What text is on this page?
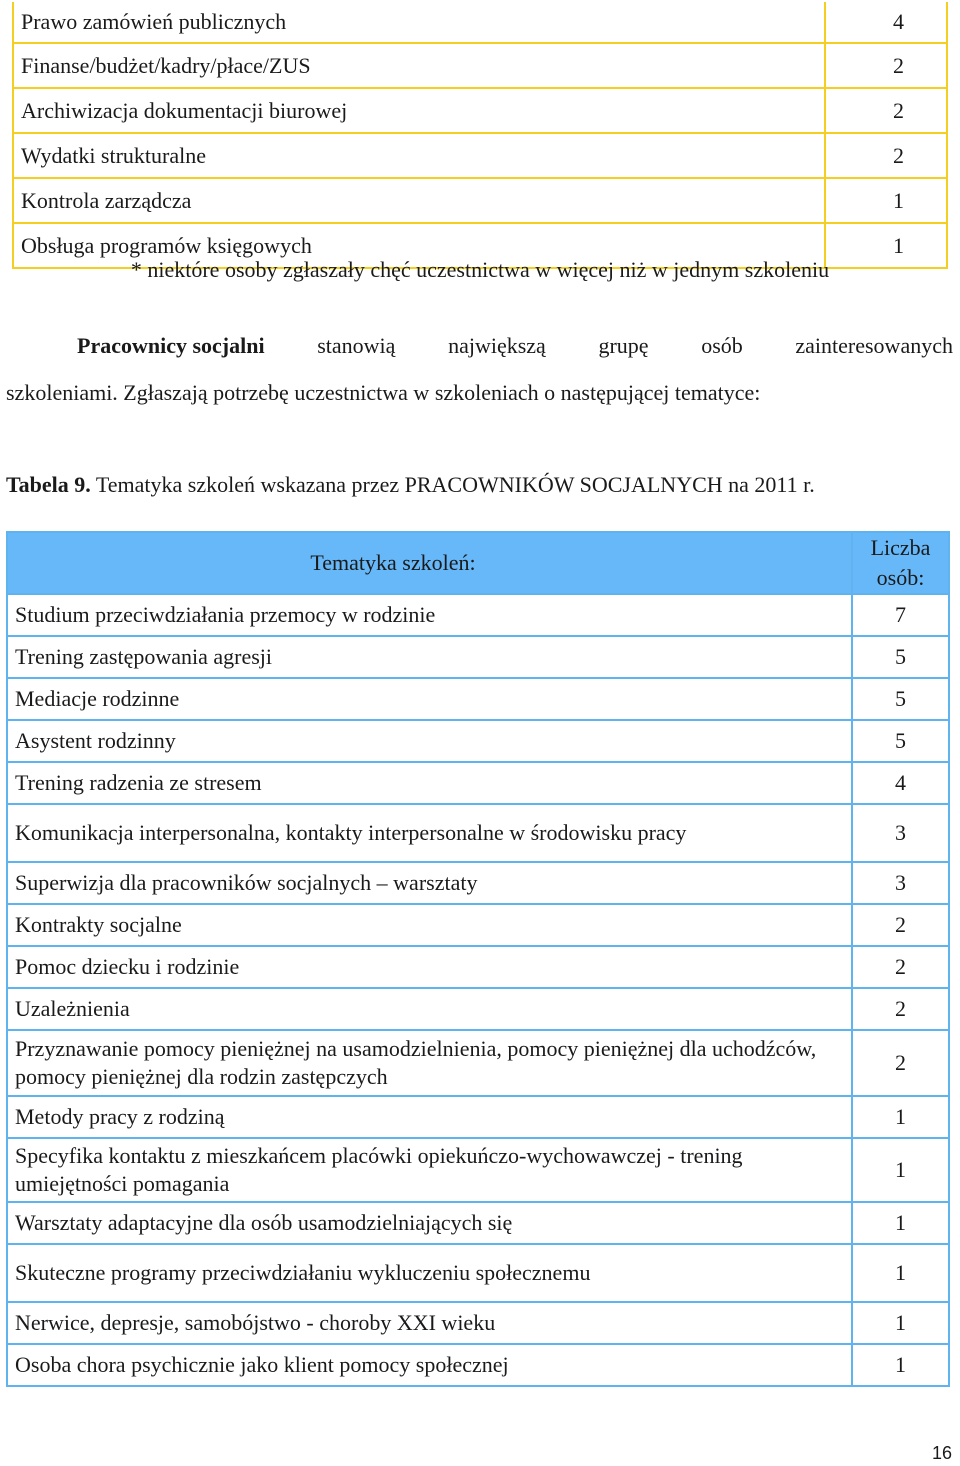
Prawo zamówień publicznych	4
Finanse/budżet/kadry/płace/ZUS	2
Archiwizacja dokumentacji biurowej	2
Wydatki strukturalne	2
Kontrola zarządcza	1
Obsługa programów księgowych	1
* niektóre osoby zgłaszały chęć uczestnictwa w więcej niż w jednym szkoleniu
Pracownicy socjalni stanowią największą grupę osób zainteresowanych
szkoleniami. Zgłaszają potrzebę uczestnictwa w szkoleniach o następującej tematyce:
Tabela 9. Tematyka szkoleń wskazana przez PRACOWNIKÓW SOCJALNYCH na 2011 r.
Tematyka szkoleń:	Liczba osób:
Studium przeciwdziałania przemocy w rodzinie	7
Trening zastępowania agresji	5
Mediacje rodzinne	5
Asystent rodzinny	5
Trening radzenia ze stresem	4
Komunikacja interpersonalna, kontakty interpersonalne w środowisku pracy	3
Superwizja dla pracowników socjalnych – warsztaty	3
Kontrakty socjalne	2
Pomoc dziecku i rodzinie	2
Uzależnienia	2
Przyznawanie pomocy pieniężnej na usamodzielnienia, pomocy pieniężnej dla uchodźców, pomocy pieniężnej dla rodzin zastępczych	2
Metody pracy z rodziną	1
Specyfika kontaktu z mieszkańcem placówki opiekuńczo-wychowawczej - trening umiejętności pomagania	1
Warsztaty adaptacyjne dla osób usamodzielniających się	1
Skuteczne programy przeciwdziałaniu wykluczeniu społecznemu	1
Nerwice, depresje, samobójstwo - choroby XXI wieku	1
Osoba chora psychicznie jako klient pomocy społecznej	1
16
